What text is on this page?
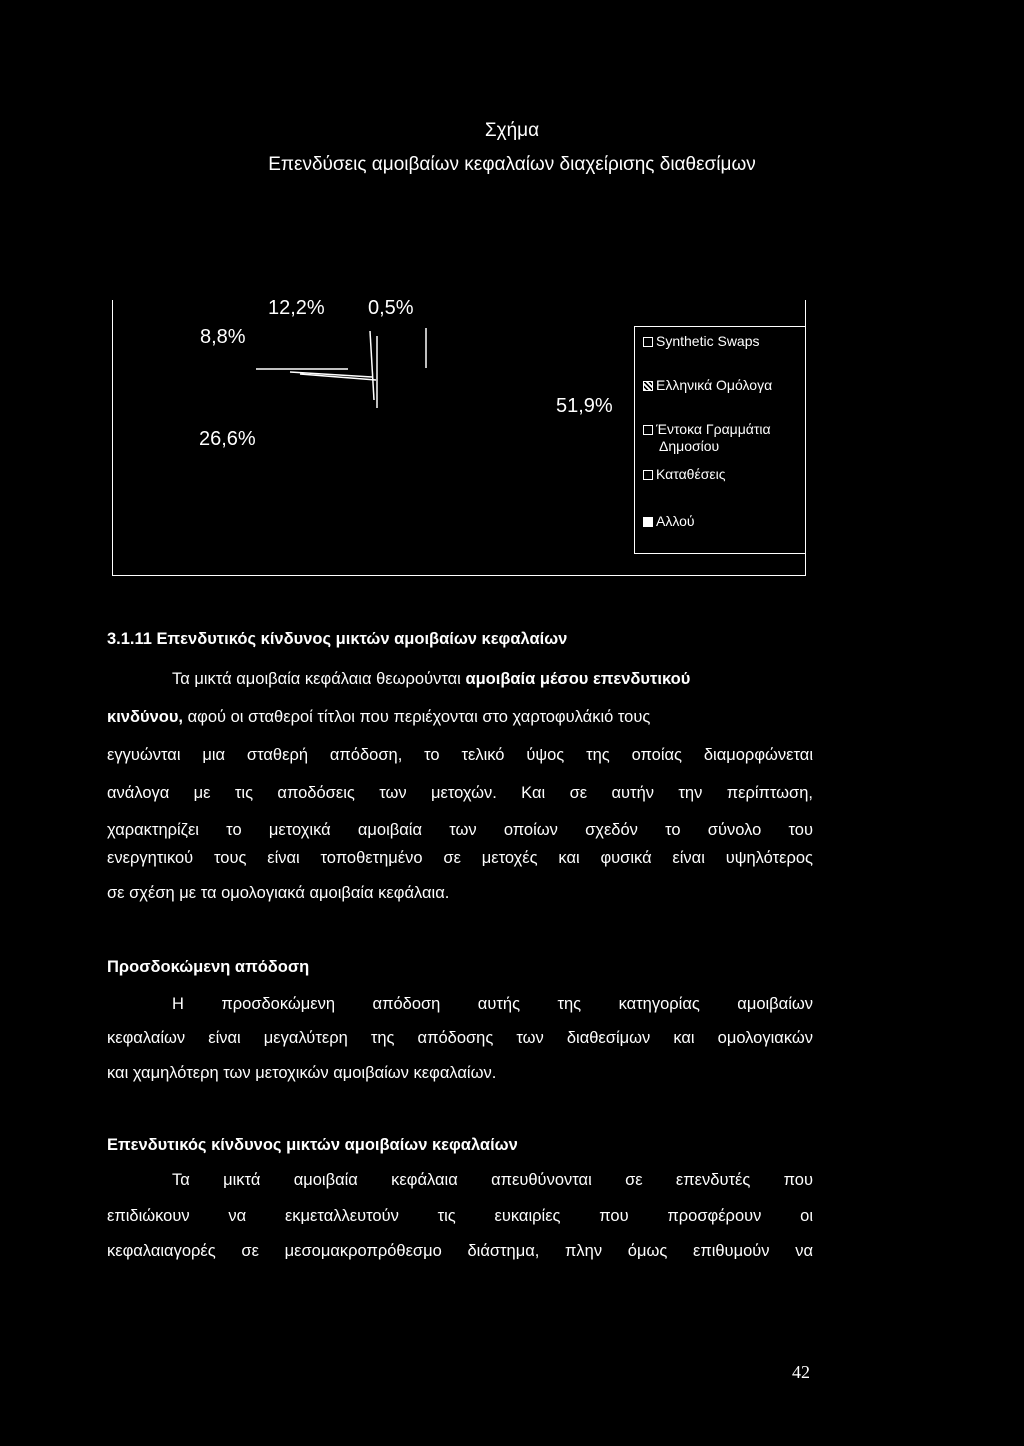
Σχήμα
Επενδύσεις αμοιβαίων κεφαλαίων διαχείρισης διαθεσίμων
12,2% 0,5%
8,8%
26,6%
51,9%
Synthetic Swaps
Ελληνικά Ομόλογα
Έντοκα Γραμμάτια
Δημοσίου
Καταθέσεις
Αλλού
3.1.11 Επενδυτικός κίνδυνος μικτών αμοιβαίων κεφαλαίων
Τα μικτά αμοιβαία κεφάλαια θεωρούνται αμοιβαία μέσου επενδυτικού
κινδύνου, αφού οι σταθεροί τίτλοι που περιέχονται στο χαρτοφυλάκιό τους
εγγυώνται μια σταθερή απόδοση, το τελικό ύψος της οποίας διαμορφώνεται
ανάλογα με τις αποδόσεις των μετοχών. Και σε αυτήν την περίπτωση,
χαρακτηρίζει το μετοχικά αμοιβαία των οποίων σχεδόν το σύνολο του
ενεργητικού τους είναι τοποθετημένο σε μετοχές και φυσικά είναι υψηλότερος
σε σχέση με τα ομολογιακά αμοιβαία κεφάλαια.
Προσδοκώμενη απόδοση
Η προσδοκώμενη απόδοση αυτής της κατηγορίας αμοιβαίων
κεφαλαίων είναι μεγαλύτερη της απόδοσης των διαθεσίμων και ομολογιακών
και χαμηλότερη των μετοχικών αμοιβαίων κεφαλαίων.
Επενδυτικός κίνδυνος μικτών αμοιβαίων κεφαλαίων
Τα μικτά αμοιβαία κεφάλαια απευθύνονται σε επενδυτές που
επιδιώκουν να εκμεταλλευτούν τις ευκαιρίες που προσφέρουν οι
κεφαλαιαγορές σε μεσομακροπρόθεσμο διάστημα, πλην όμως επιθυμούν να
42
